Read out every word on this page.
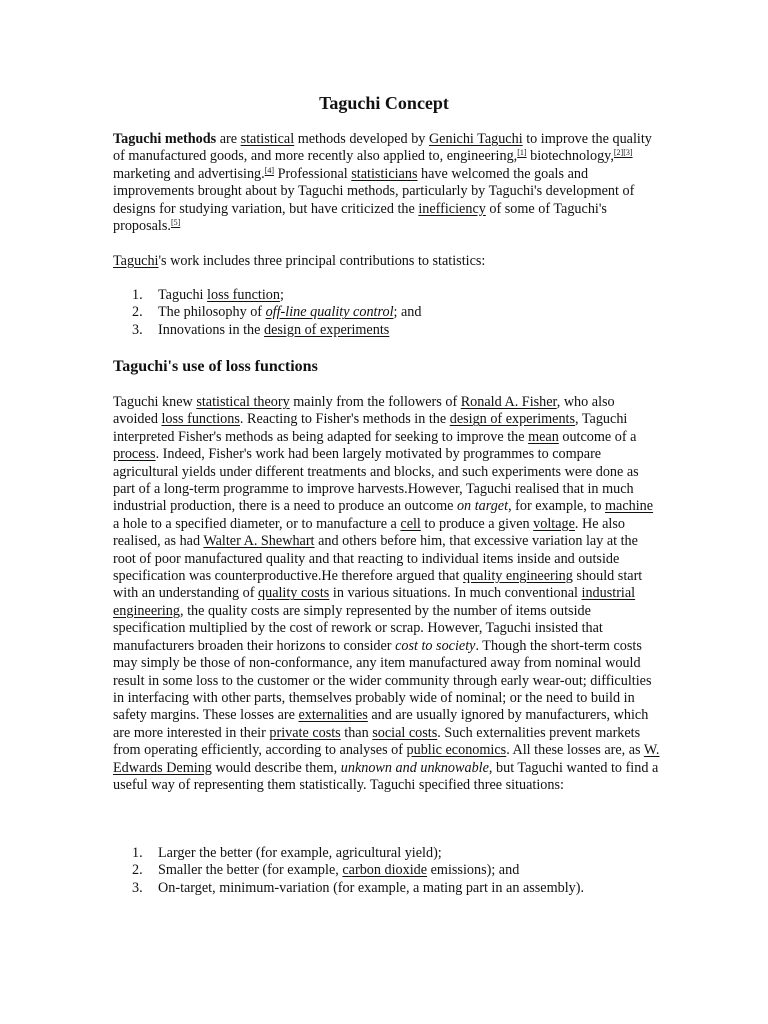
Taguchi Concept

Taguchi methods are statistical methods developed by Genichi Taguchi to improve the quality of manufactured goods, and more recently also applied to, engineering,[1] biotechnology,[2][3] marketing and advertising.[4] Professional statisticians have welcomed the goals and improvements brought about by Taguchi methods, particularly by Taguchi's development of designs for studying variation, but have criticized the inefficiency of some of Taguchi's proposals.[5]

Taguchi's work includes three principal contributions to statistics:

1. Taguchi loss function;
2. The philosophy of off-line quality control; and
3. Innovations in the design of experiments
Taguchi's use of loss functions

Taguchi knew statistical theory mainly from the followers of Ronald A. Fisher, who also avoided loss functions. Reacting to Fisher's methods in the design of experiments, Taguchi interpreted Fisher's methods as being adapted for seeking to improve the mean outcome of a process. Indeed, Fisher's work had been largely motivated by programmes to compare agricultural yields under different treatments and blocks, and such experiments were done as part of a long-term programme to improve harvests.However, Taguchi realised that in much industrial production, there is a need to produce an outcome on target, for example, to machine a hole to a specified diameter, or to manufacture a cell to produce a given voltage. He also realised, as had Walter A. Shewhart and others before him, that excessive variation lay at the root of poor manufactured quality and that reacting to individual items inside and outside specification was counterproductive.He therefore argued that quality engineering should start with an understanding of quality costs in various situations. In much conventional industrial engineering, the quality costs are simply represented by the number of items outside specification multiplied by the cost of rework or scrap. However, Taguchi insisted that manufacturers broaden their horizons to consider cost to society. Though the short-term costs may simply be those of non-conformance, any item manufactured away from nominal would result in some loss to the customer or the wider community through early wear-out; difficulties in interfacing with other parts, themselves probably wide of nominal; or the need to build in safety margins. These losses are externalities and are usually ignored by manufacturers, which are more interested in their private costs than social costs. Such externalities prevent markets from operating efficiently, according to analyses of public economics. All these losses are, as W. Edwards Deming would describe them, unknown and unknowable, but Taguchi wanted to find a useful way of representing them statistically. Taguchi specified three situations:

1. Larger the better (for example, agricultural yield);
2. Smaller the better (for example, carbon dioxide emissions); and
3. On-target, minimum-variation (for example, a mating part in an assembly).
